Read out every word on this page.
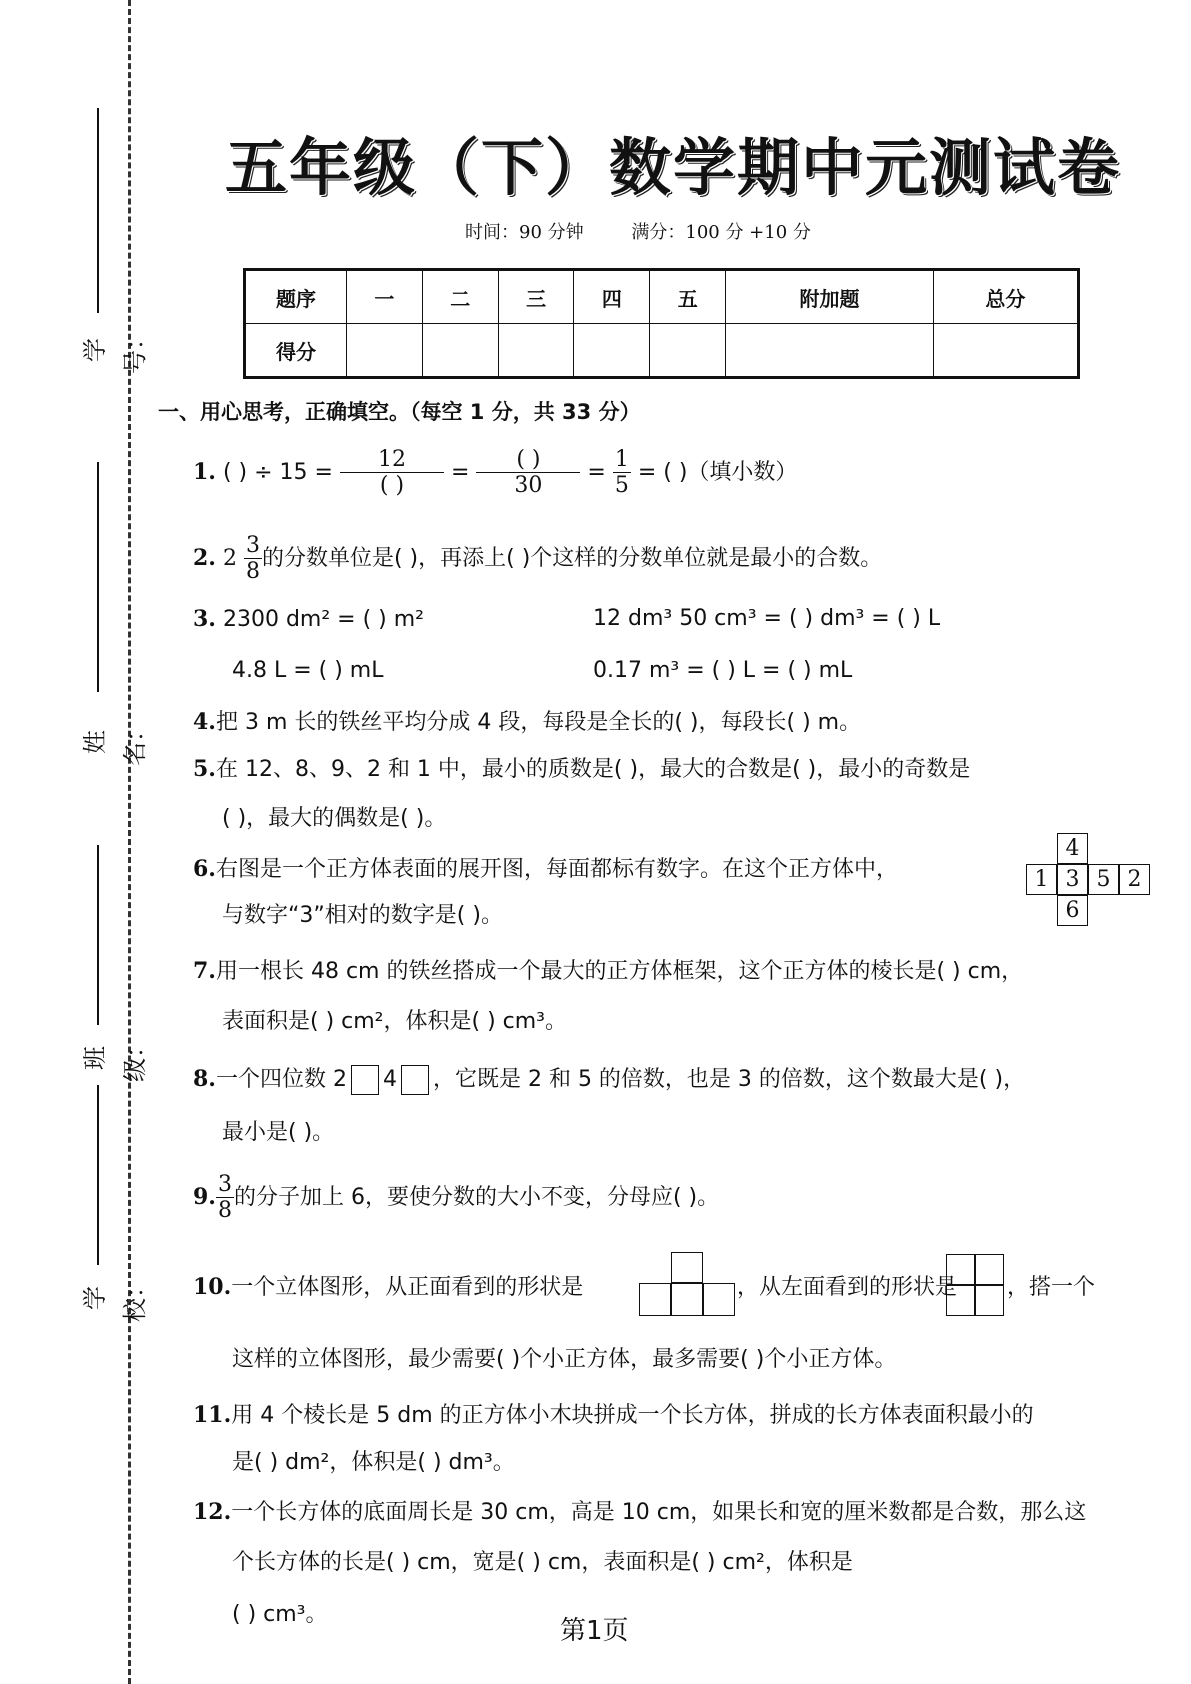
学号：
姓名：
班级：
学校：
五年级（下）数学期中元测试卷
时间：90 分钟	满分：100 分 +10 分
题序	一	二	三	四	五	附加题	总分
得分							
一、用心思考，正确填空。（每空 1 分，共 33 分）
1. ( ) ÷ $15 = \frac{12}{( )} = \frac{( )}{30} = \frac{1}{5}$ = ( )（填小数）
2. $2 \frac{3}{8}$ 的分数单位是( )，再添上( )个这样的分数单位就是最小的合数。
3. 2300 dm² = ( ) m²	12 dm³ 50 cm³ = ( ) dm³ = ( ) L
4.8 L = ( ) mL	0.17 m³ = ( ) L = ( ) mL
4.把 3 m 长的铁丝平均分成 4 段，每段是全长的( )，每段长( ) m。
5.在 12、8、9、2 和 1 中，最小的质数是( )，最大的合数是( )，最小的奇数是
( )，最大的偶数是( )。
6.右图是一个正方体表面的展开图，每面都标有数字。在这个正方体中，
与数字“3”相对的数字是( )。
4
1 3 5 2
6
7.用一根长 48 cm 的铁丝搭成一个最大的正方体框架，这个正方体的棱长是( ) cm，
表面积是( ) cm²，体积是( ) cm³。
8.一个四位数 2 4 ，它既是 2 和 5 的倍数，也是 3 的倍数，这个数最大是( )，
最小是( )。
9. $\frac{3}{8}$ 的分子加上 6，要使分数的大小不变，分母应( )。
10.一个立体图形，从正面看到的形状是	，从左面看到的形状是 ，搭一个
这样的立体图形，最少需要( )个小正方体，最多需要( )个小正方体。
11.用 4 个棱长是 5 dm 的正方体小木块拼成一个长方体，拼成的长方体表面积最小的
是( ) dm²，体积是( ) dm³。
12.一个长方体的底面周长是 30 cm，高是 10 cm，如果长和宽的厘米数都是合数，那么这
个长方体的长是( ) cm，宽是( ) cm，表面积是( ) cm²，体积是
( ) cm³。
第1页
